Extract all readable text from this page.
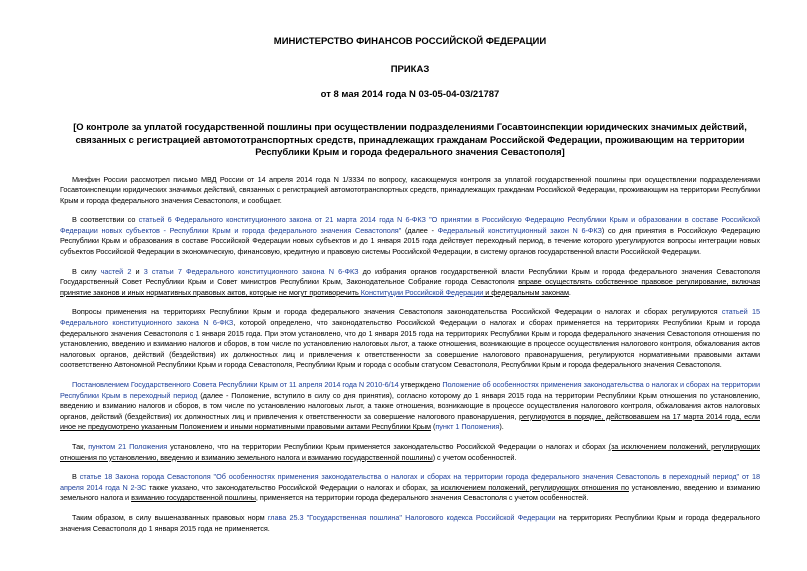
МИНИСТЕРСТВО ФИНАНСОВ РОССИЙСКОЙ ФЕДЕРАЦИИ
ПРИКАЗ
от 8 мая 2014 года N 03-05-04-03/21787
[О контроле за уплатой государственной пошлины при осуществлении подразделениями Госавтоинспекции юридических значимых действий, связанных с регистрацией автомототранспортных средств, принадлежащих гражданам Российской Федерации, проживающим на территории Республики Крым и города федерального значения Севастополя]
Минфин России рассмотрел письмо МВД России от 14 апреля 2014 года N 1/3334 по вопросу, касающемуся контроля за уплатой государственной пошлины при осуществлении подразделениями Госавтоинспекции юридических значимых действий, связанных с регистрацией автомототранспортных средств, принадлежащих гражданам Российской Федерации, проживающим на территории Республики Крым и города федерального значения Севастополя, и сообщает.
В соответствии со статьей 6 Федерального конституционного закона от 21 марта 2014 года N 6-ФКЗ "О принятии в Российскую Федерацию Республики Крым и образовании в составе Российской Федерации новых субъектов - Республики Крым и города федерального значения Севастополя" (далее - Федеральный конституционный закон N 6-ФКЗ) со дня принятия в Российскую Федерацию Республики Крым и образования в составе Российской Федерации новых субъектов и до 1 января 2015 года действует переходный период, в течение которого урегулируются вопросы интеграции новых субъектов Российской Федерации в экономическую, финансовую, кредитную и правовую системы Российской Федерации, в систему органов государственной власти Российской Федерации.
В силу частей 2 и 3 статьи 7 Федерального конституционного закона N 6-ФКЗ до избрания органов государственной власти Республики Крым и города федерального значения Севастополя Государственный Совет Республики Крым и Совет министров Республики Крым, Законодательное Собрание города Севастополя вправе осуществлять собственное правовое регулирование, включая принятие законов и иных нормативных правовых актов, которые не могут противоречить Конституции Российской Федерации и федеральным законам.
Вопросы применения на территориях Республики Крым и города федерального значения Севастополя законодательства Российской Федерации о налогах и сборах регулируются статьей 15 Федерального конституционного закона N 6-ФКЗ, которой определено, что законодательство Российской Федерации о налогах и сборах применяется на территориях Республики Крым и города федерального значения Севастополя с 1 января 2015 года. При этом установлено, что до 1 января 2015 года на территориях Республики Крым и города федерального значения Севастополя отношения по установлению, введению и взиманию налогов и сборов, в том числе по установлению налоговых льгот, а также отношения, возникающие в процессе осуществления налогового контроля, обжалования актов налоговых органов, действий (бездействия) их должностных лиц и привлечения к ответственности за совершение налогового правонарушения, регулируются нормативными правовыми актами соответственно Автономной Республики Крым и города Севастополя, Республики Крым и города с особым статусом Севастополя, Республики Крым и города федерального значения Севастополя.
Постановлением Государственного Совета Республики Крым от 11 апреля 2014 года N 2010-6/14 утверждено Положение об особенностях применения законодательства о налогах и сборах на территории Республики Крым в переходный период (далее - Положение, вступило в силу со дня принятия), согласно которому до 1 января 2015 года на территории Республики Крым отношения по установлению, введению и взиманию налогов и сборов, в том числе по установлению налоговых льгот, а также отношения, возникающие в процессе осуществления налогового контроля, обжалования актов налоговых органов, действий (бездействия) их должностных лиц и привлечения к ответственности за совершение налогового правонарушения, регулируются в порядке, действовавшем на 17 марта 2014 года, если иное не предусмотрено указанным Положением и иными нормативными правовыми актами Республики Крым (пункт 1 Положения).
Так, пунктом 21 Положения установлено, что на территории Республики Крым применяется законодательство Российской Федерации о налогах и сборах (за исключением положений, регулирующих отношения по установлению, введению и взиманию земельного налога и взиманию государственной пошлины) с учетом особенностей.
В статье 18 Закона города Севастополя "Об особенностях применения законодательства о налогах и сборах на территории города федерального значения Севастополь в переходный период" от 18 апреля 2014 года N 2-ЗС также указано, что законодательство Российской Федерации о налогах и сборах, за исключением положений, регулирующих отношения по установлению, введению и взиманию земельного налога и взиманию государственной пошлины, применяется на территории города федерального значения Севастополя с учетом особенностей.
Таким образом, в силу вышеназванных правовых норм глава 25.3 "Государственная пошлина" Налогового кодекса Российской Федерации на территориях Республики Крым и города федерального значения Севастополя до 1 января 2015 года не применяется.
